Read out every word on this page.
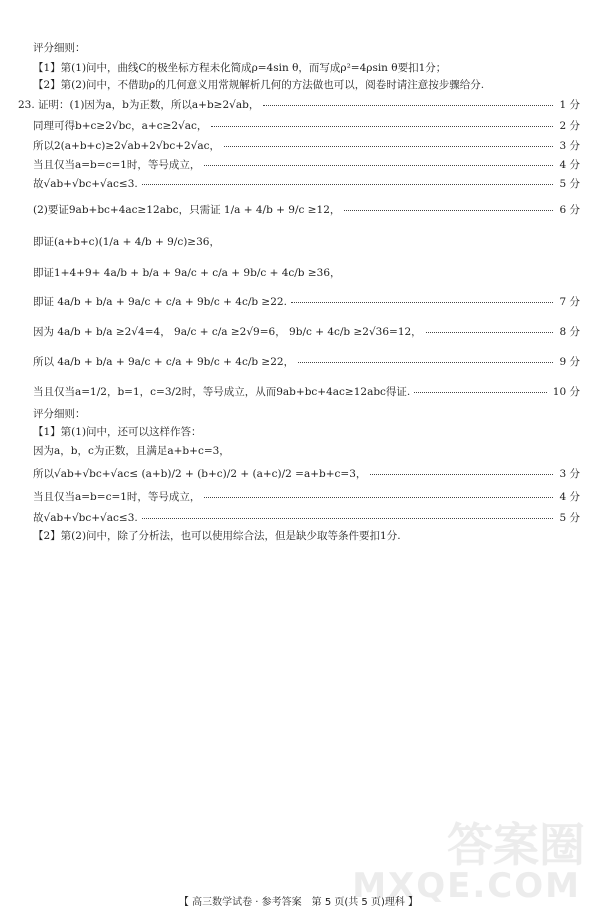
评分细则：
【1】第(1)问中，曲线C的极坐标方程未化简成ρ=4sin θ，而写成ρ²=4ρsin θ要扣1分；
【2】第(2)问中，不借助ρ的几何意义用常规解析几何的方法做也可以，阅卷时请注意按步骤给分.
23. 证明：(1)因为a，b为正数，所以a+b≥2√ab，	1 分
同理可得b+c≥2√bc，a+c≥2√ac，	2 分
所以2(a+b+c)≥2√ab+2√bc+2√ac，	3 分
当且仅当a=b=c=1时，等号成立，	4 分
故√ab+√bc+√ac≤3.	5 分
(2)要证9ab+bc+4ac≥12abc，只需证 1/a + 4/b + 9/c ≥12，	6 分
即证(a+b+c)(1/a + 4/b + 9/c)≥36，
即证1+4+9+ 4a/b + b/a + 9a/c + c/a + 9b/c + 4c/b ≥36，
即证 4a/b + b/a + 9a/c + c/a + 9b/c + 4c/b ≥22.	7 分
因为 4a/b + b/a ≥2√4=4， 9a/c + c/a ≥2√9=6， 9b/c + 4c/b ≥2√36=12，	8 分
所以 4a/b + b/a + 9a/c + c/a + 9b/c + 4c/b ≥22，	9 分
当且仅当a=1/2，b=1，c=3/2时，等号成立，从而9ab+bc+4ac≥12abc得证.	10 分
评分细则：
【1】第(1)问中，还可以这样作答：
因为a，b，c为正数，且满足a+b+c=3，
所以√ab+√bc+√ac≤ (a+b)/2 + (b+c)/2 + (a+c)/2 =a+b+c=3，	3 分
当且仅当a=b=c=1时，等号成立，	4 分
故√ab+√bc+√ac≤3.	5 分
【2】第(2)问中，除了分析法，也可以使用综合法，但是缺少取等条件要扣1分.
答案圈
MXQE.COM
【 高三数学试卷 · 参考答案　第 5 页(共 5 页)理科 】
